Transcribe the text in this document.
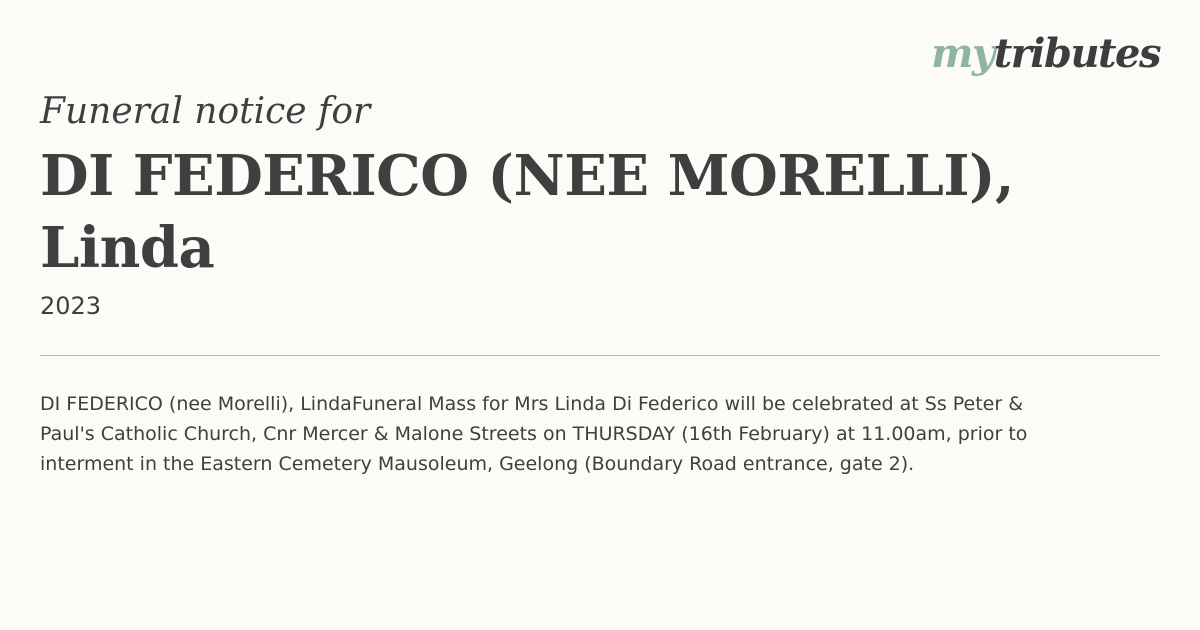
mytributes
Funeral notice for
DI FEDERICO (NEE MORELLI),
Linda
2023

DI FEDERICO (nee Morelli), LindaFuneral Mass for Mrs Linda Di Federico will be celebrated at Ss Peter & Paul's Catholic Church, Cnr Mercer & Malone Streets on THURSDAY (16th February) at 11.00am, prior to interment in the Eastern Cemetery Mausoleum, Geelong (Boundary Road entrance, gate 2).
